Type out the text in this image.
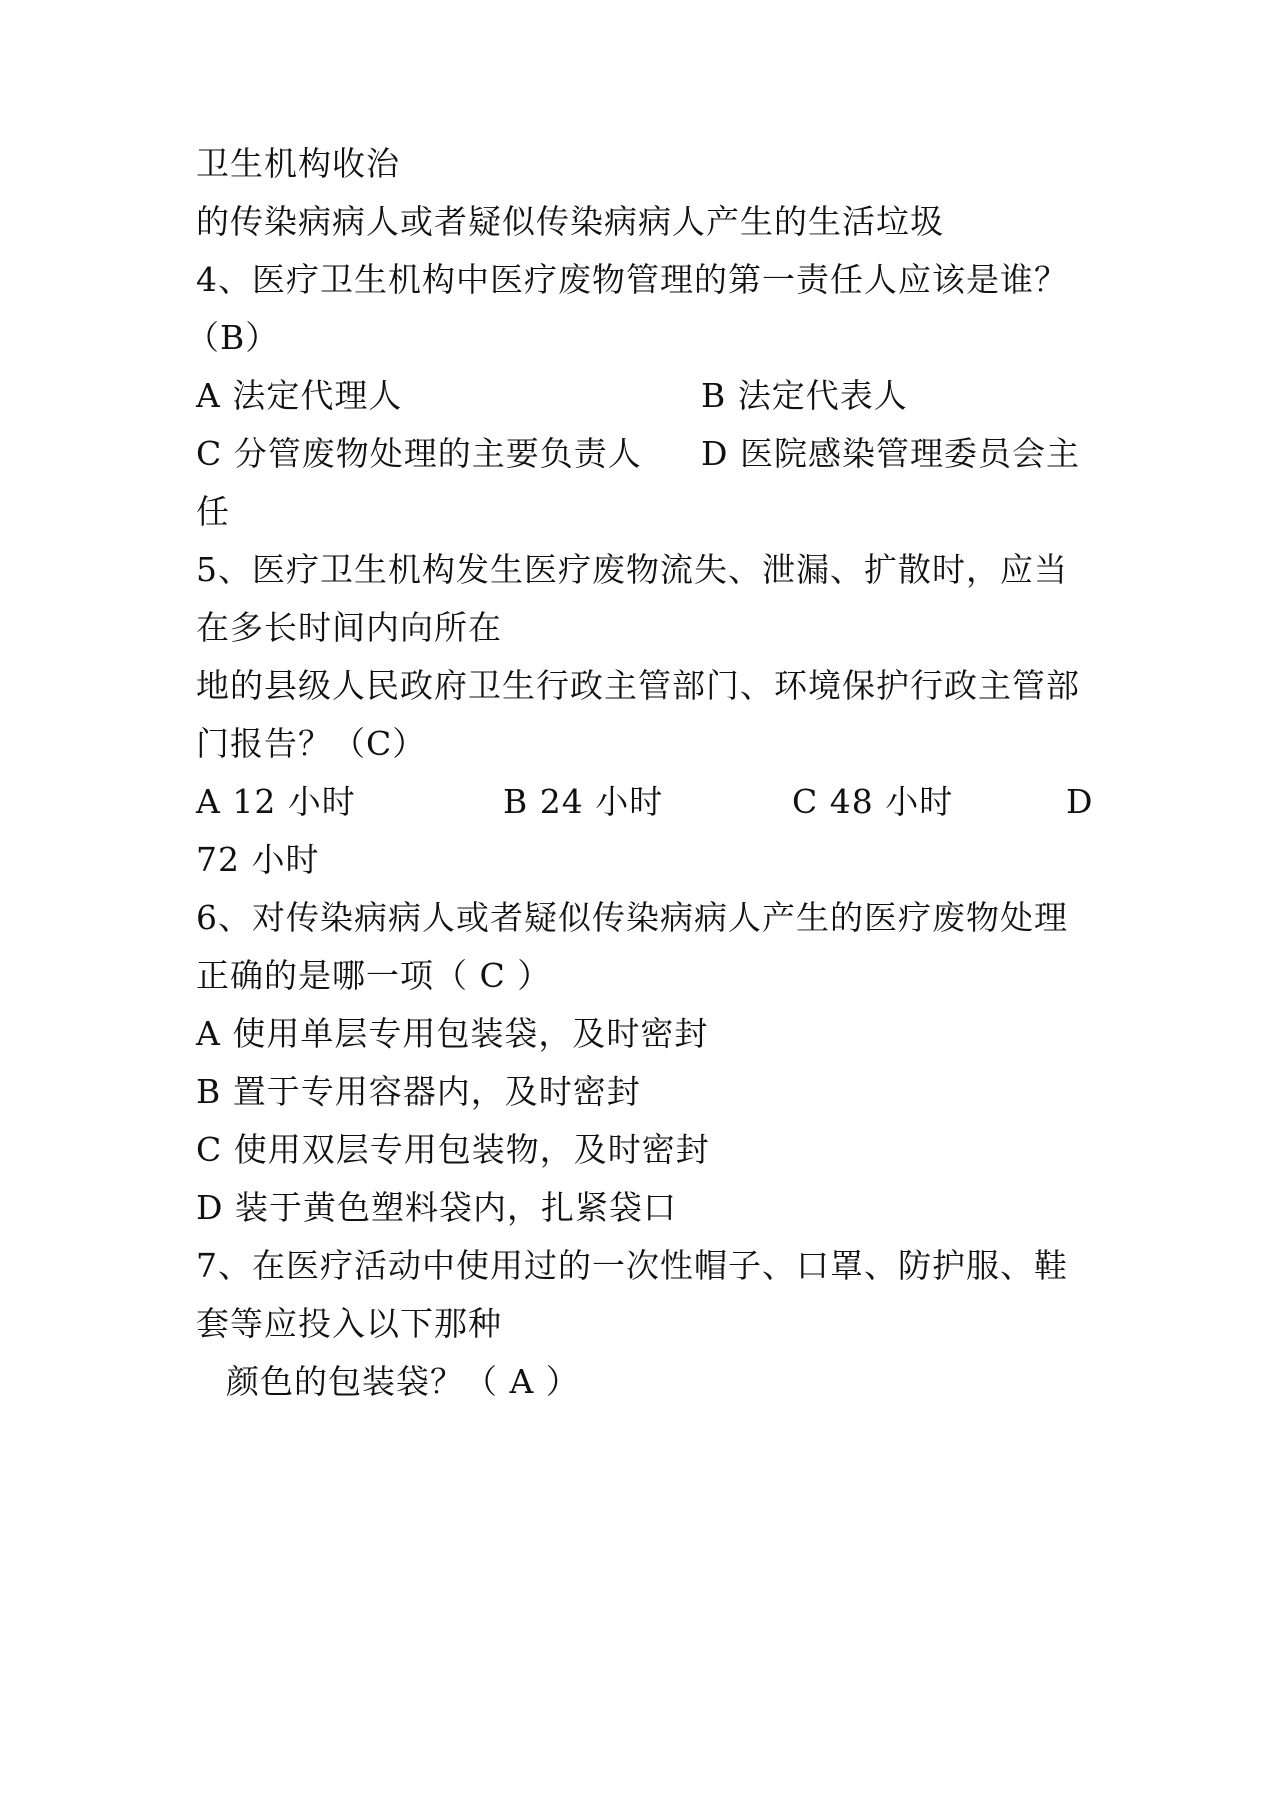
卫生机构收治
的传染病病人或者疑似传染病病人产生的生活垃圾
4、医疗卫生机构中医疗废物管理的第一责任人应该是谁？
（B）
A 法定代理人	B 法定代表人
C 分管废物处理的主要负责人 D 医院感染管理委员会主
任
5、医疗卫生机构发生医疗废物流失、泄漏、扩散时，应当
在多长时间内向所在
地的县级人民政府卫生行政主管部门、环境保护行政主管部
门报告？（C）
A 12 小时	B 24 小时	C 48 小时	D
72 小时
6、对传染病病人或者疑似传染病病人产生的医疗废物处理
正确的是哪一项（ C ）
A 使用单层专用包装袋，及时密封
B 置于专用容器内，及时密封
C 使用双层专用包装物，及时密封
D 装于黄色塑料袋内，扎紧袋口
7、在医疗活动中使用过的一次性帽子、口罩、防护服、鞋
套等应投入以下那种
颜色的包装袋？（ A ）
